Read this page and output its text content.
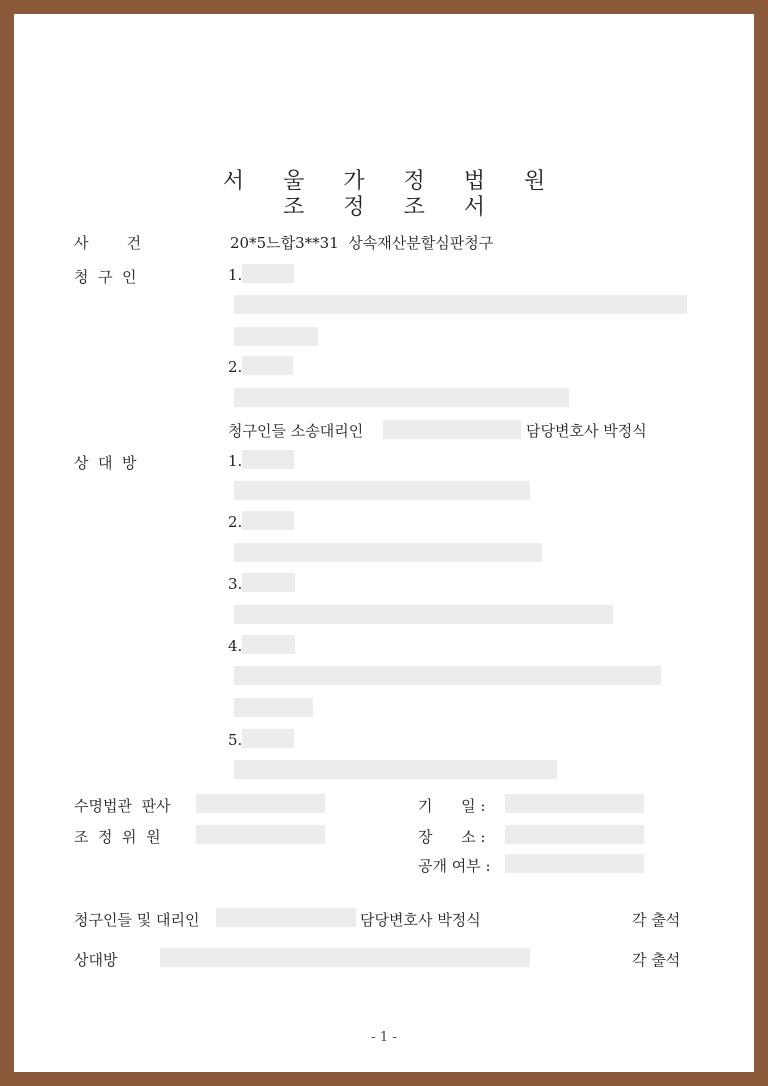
서 울 가 정 법 원
조 정 조 서
사        건	20*5느합3**31  상속재산분할심판청구
청  구  인	1.
2.
청구인들 소송대리인	담당변호사 박정식
상  대  방	1.
2.
3.
4.
5.
수명법관  판사	기      일 :
조  정  위  원	장      소 :
공개 여부 :
청구인들 및 대리인	담당변호사 박정식	각 출석
상대방	각 출석
- 1 -
